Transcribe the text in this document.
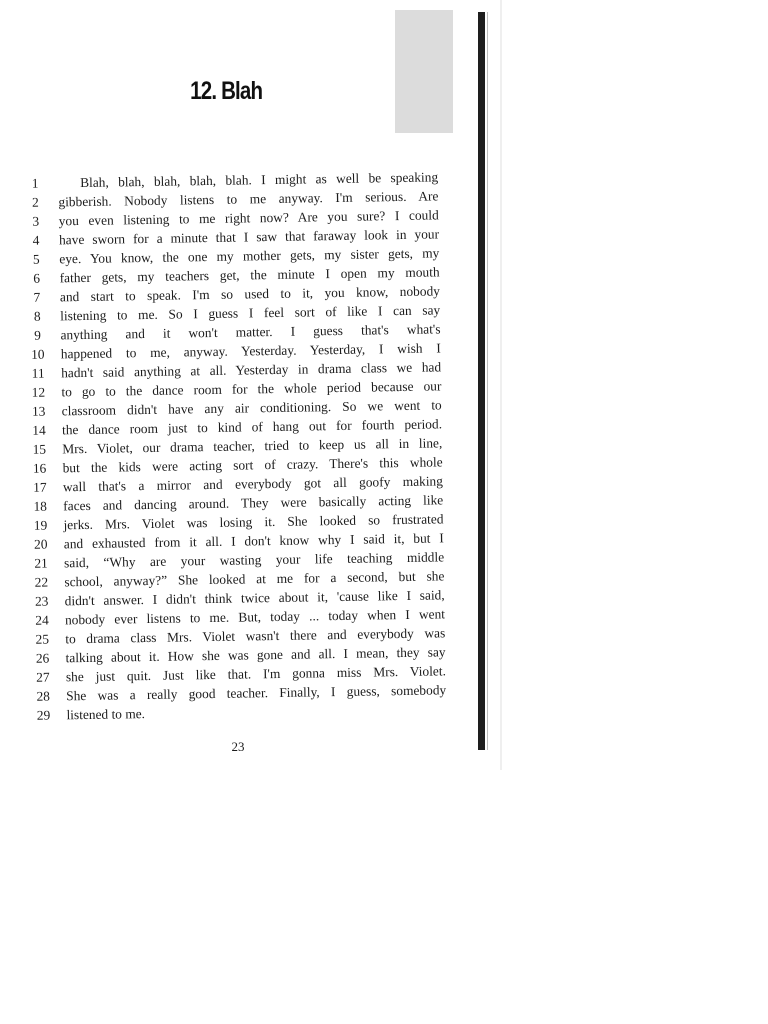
12. Blah
1	Blah, blah, blah, blah, blah. I might as well be speaking
2	gibberish. Nobody listens to me anyway. I'm serious. Are
3	you even listening to me right now? Are you sure? I could
4	have sworn for a minute that I saw that faraway look in your
5	eye. You know, the one my mother gets, my sister gets, my
6	father gets, my teachers get, the minute I open my mouth
7	and start to speak. I'm so used to it, you know, nobody
8	listening to me. So I guess I feel sort of like I can say
9	anything and it won't matter. I guess that's what's
10	happened to me, anyway. Yesterday. Yesterday, I wish I
11	hadn't said anything at all. Yesterday in drama class we had
12	to go to the dance room for the whole period because our
13	classroom didn't have any air conditioning. So we went to
14	the dance room just to kind of hang out for fourth period.
15	Mrs. Violet, our drama teacher, tried to keep us all in line,
16	but the kids were acting sort of crazy. There's this whole
17	wall that's a mirror and everybody got all goofy making
18	faces and dancing around. They were basically acting like
19	jerks. Mrs. Violet was losing it. She looked so frustrated
20	and exhausted from it all. I don't know why I said it, but I
21	said, “Why are your wasting your life teaching middle
22	school, anyway?” She looked at me for a second, but she
23	didn't answer. I didn't think twice about it, 'cause like I said,
24	nobody ever listens to me. But, today ... today when I went
25	to drama class Mrs. Violet wasn't there and everybody was
26	talking about it. How she was gone and all. I mean, they say
27	she just quit. Just like that. I'm gonna miss Mrs. Violet.
28	She was a really good teacher. Finally, I guess, somebody
29	listened to me.
23
